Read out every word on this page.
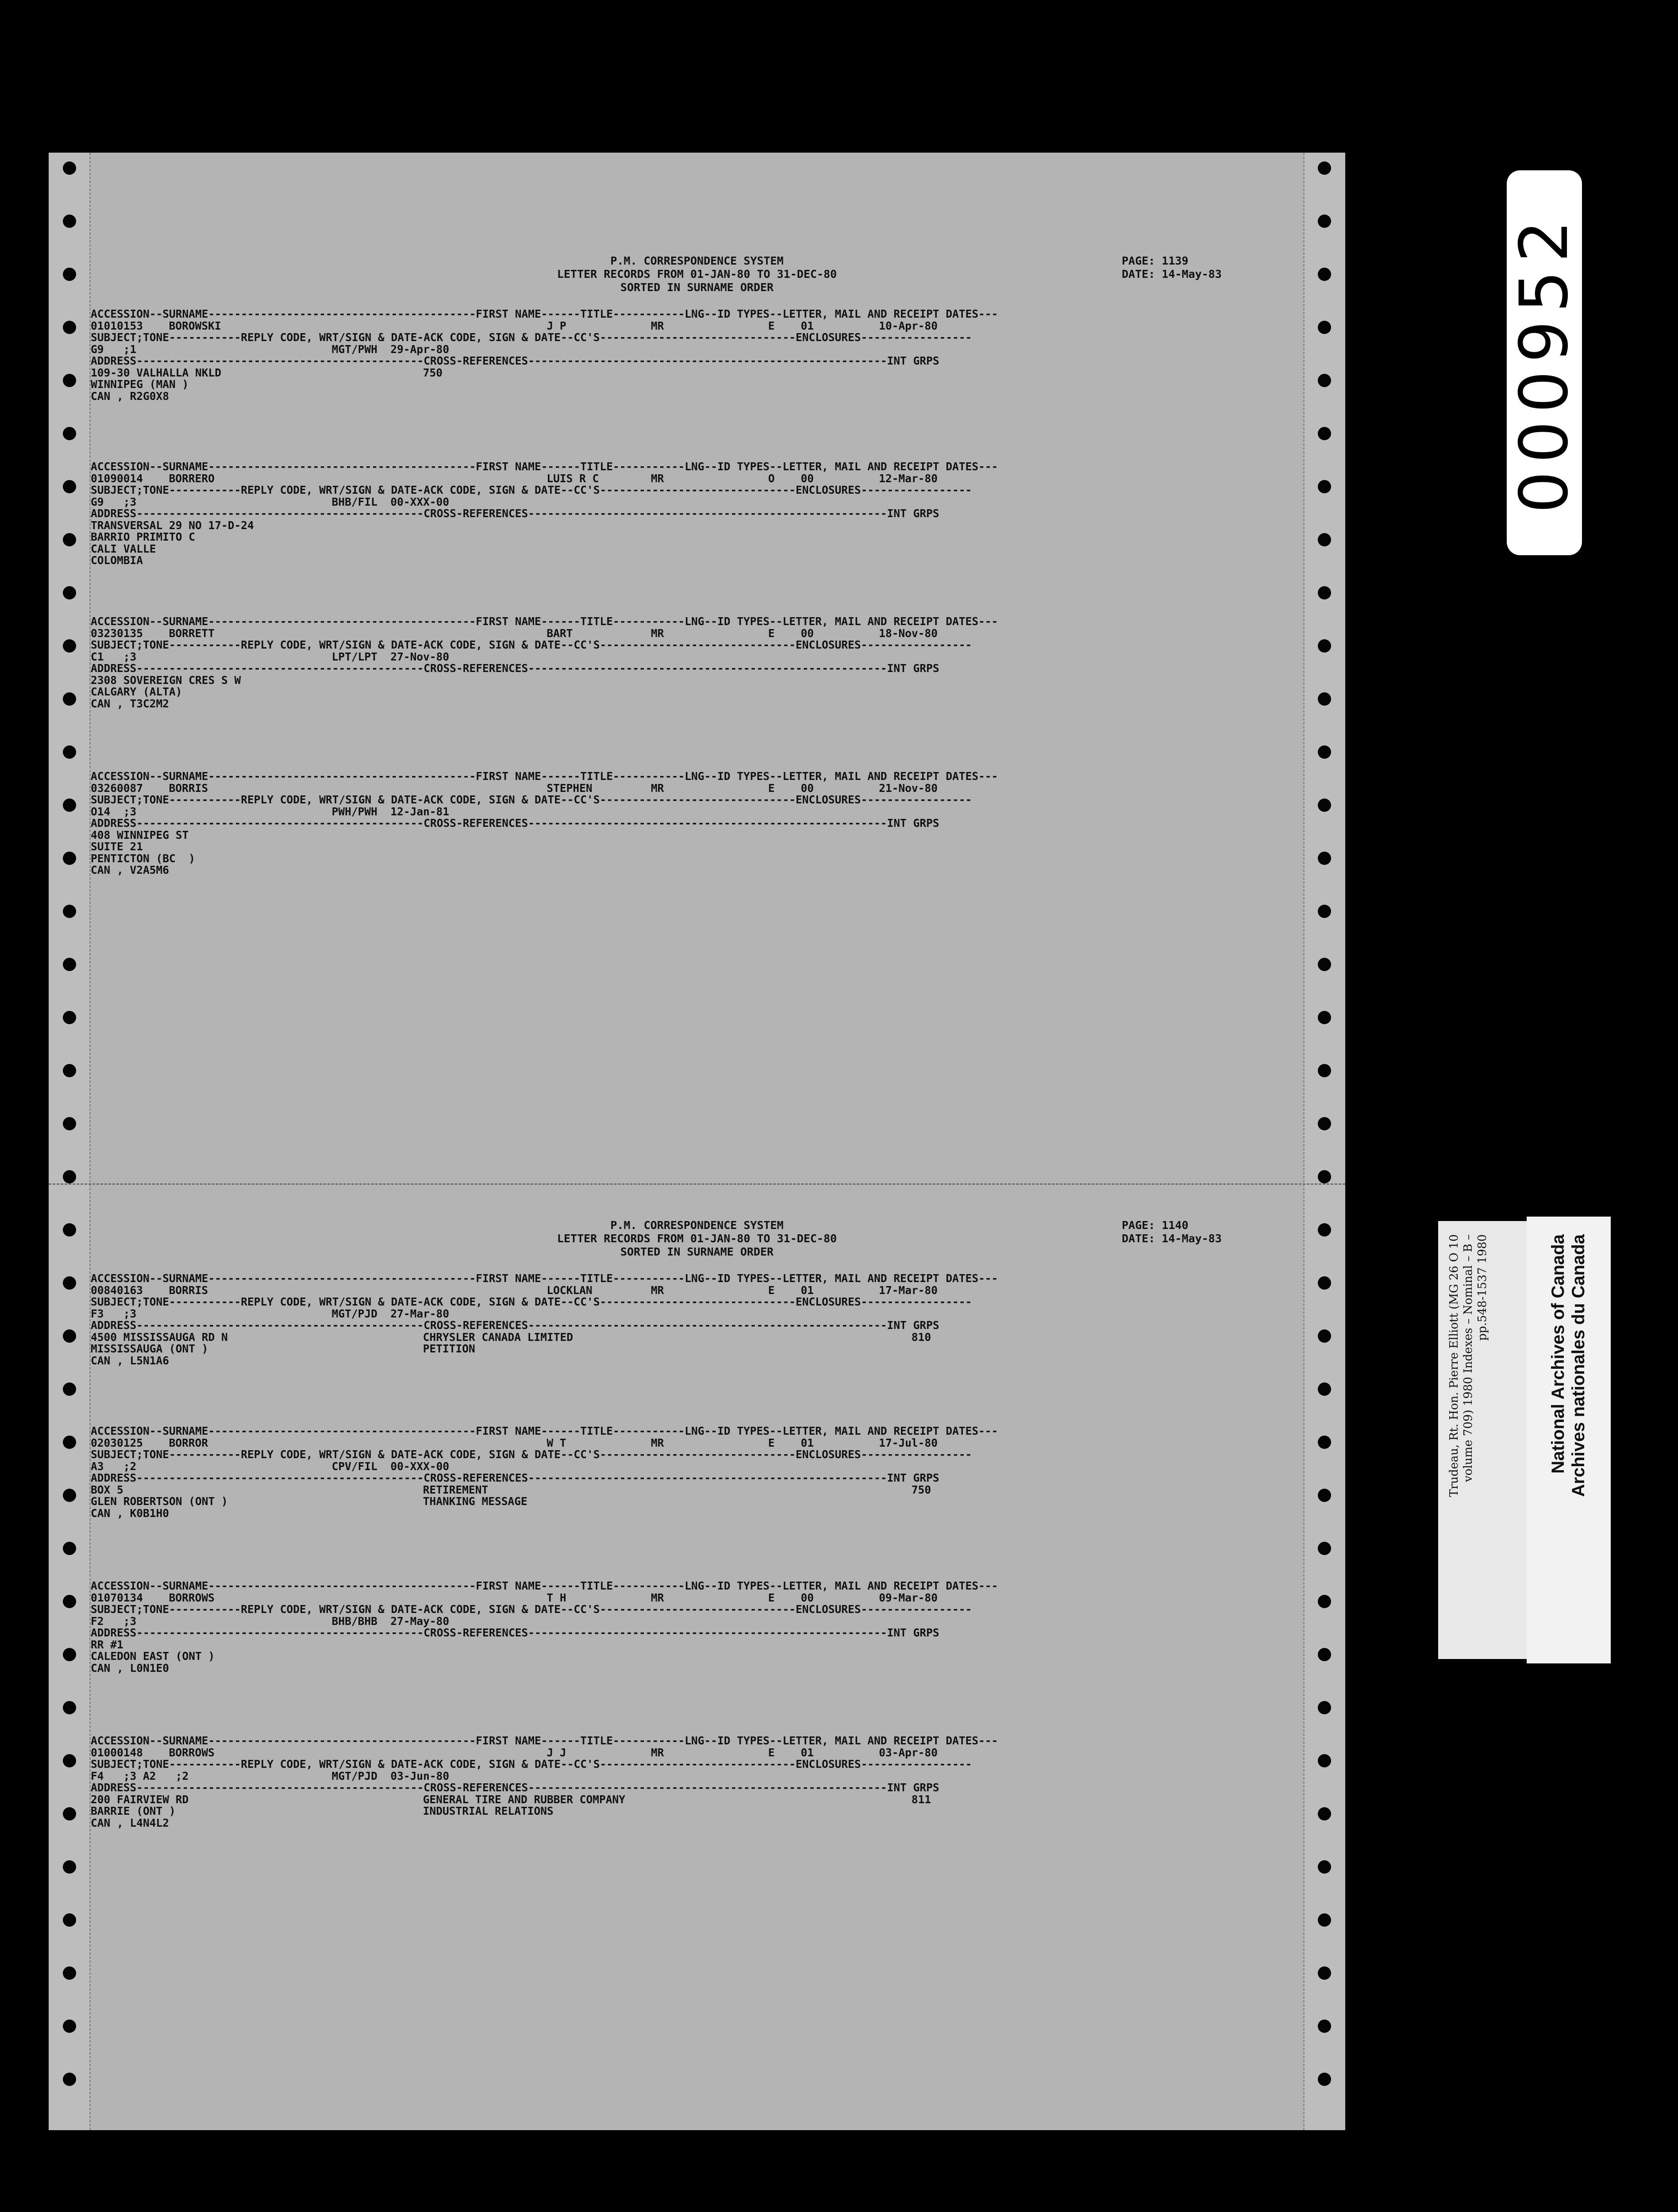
P.M. CORRESPONDENCE SYSTEM
LETTER RECORDS FROM 01-JAN-80 TO 31-DEC-80
SORTED IN SURNAME ORDER
PAGE: 1139
DATE: 14-May-83
ACCESSION--SURNAME-----------------------------------------FIRST NAME------TITLE-----------LNG--ID TYPES--LETTER, MAIL AND RECEIPT DATES---
01010153 BOROWSKI	J P	MR	E 01	10-Apr-80
SUBJECT;TONE-----------REPLY CODE, WRT/SIGN & DATE-ACK CODE, SIGN & DATE--CC'S------------------------------ENCLOSURES-----------------
G9   ;1	MGT/PWH  29-Apr-80
ADDRESS--------------------------------------------CROSS-REFERENCES-------------------------------------------------------INT GRPS
109-30 VALHALLA NKLD	750
WINNIPEG (MAN )
CAN , R2G0X8
ACCESSION--SURNAME-----------------------------------------FIRST NAME------TITLE-----------LNG--ID TYPES--LETTER, MAIL AND RECEIPT DATES---
01090014 BORRERO	LUIS R C	MR	O 00	12-Mar-80
SUBJECT;TONE-----------REPLY CODE, WRT/SIGN & DATE-ACK CODE, SIGN & DATE--CC'S------------------------------ENCLOSURES-----------------
G9   ;3	BHB/FIL  00-XXX-00
ADDRESS--------------------------------------------CROSS-REFERENCES-------------------------------------------------------INT GRPS
TRANSVERSAL 29 NO 17-D-24
BARRIO PRIMITO C
CALI VALLE
COLOMBIA
ACCESSION--SURNAME-----------------------------------------FIRST NAME------TITLE-----------LNG--ID TYPES--LETTER, MAIL AND RECEIPT DATES---
03230135 BORRETT	BART	MR	E 00	18-Nov-80
SUBJECT;TONE-----------REPLY CODE, WRT/SIGN & DATE-ACK CODE, SIGN & DATE--CC'S------------------------------ENCLOSURES-----------------
C1   ;3	LPT/LPT  27-Nov-80
ADDRESS--------------------------------------------CROSS-REFERENCES-------------------------------------------------------INT GRPS
2308 SOVEREIGN CRES S W
CALGARY (ALTA)
CAN , T3C2M2
ACCESSION--SURNAME-----------------------------------------FIRST NAME------TITLE-----------LNG--ID TYPES--LETTER, MAIL AND RECEIPT DATES---
03260087 BORRIS	STEPHEN	MR	E 00	21-Nov-80
SUBJECT;TONE-----------REPLY CODE, WRT/SIGN & DATE-ACK CODE, SIGN & DATE--CC'S------------------------------ENCLOSURES-----------------
O14  ;3	PWH/PWH  12-Jan-81
ADDRESS--------------------------------------------CROSS-REFERENCES-------------------------------------------------------INT GRPS
408 WINNIPEG ST
SUITE 21
PENTICTON (BC  )
CAN , V2A5M6
P.M. CORRESPONDENCE SYSTEM
LETTER RECORDS FROM 01-JAN-80 TO 31-DEC-80
SORTED IN SURNAME ORDER
PAGE: 1140
DATE: 14-May-83
ACCESSION--SURNAME-----------------------------------------FIRST NAME------TITLE-----------LNG--ID TYPES--LETTER, MAIL AND RECEIPT DATES---
00840163 BORRIS	LOCKLAN	MR	E 01	17-Mar-80
SUBJECT;TONE-----------REPLY CODE, WRT/SIGN & DATE-ACK CODE, SIGN & DATE--CC'S------------------------------ENCLOSURES-----------------
F3   ;3	MGT/PJD  27-Mar-80
ADDRESS--------------------------------------------CROSS-REFERENCES-------------------------------------------------------INT GRPS
4500 MISSISSAUGA RD N	CHRYSLER CANADA LIMITED	810
MISSISSAUGA (ONT )	PETITION
CAN , L5N1A6
ACCESSION--SURNAME-----------------------------------------FIRST NAME------TITLE-----------LNG--ID TYPES--LETTER, MAIL AND RECEIPT DATES---
02030125 BORROR	W T	MR	E 01	17-Jul-80
SUBJECT;TONE-----------REPLY CODE, WRT/SIGN & DATE-ACK CODE, SIGN & DATE--CC'S------------------------------ENCLOSURES-----------------
A3   ;2	CPV/FIL  00-XXX-00
ADDRESS--------------------------------------------CROSS-REFERENCES-------------------------------------------------------INT GRPS
BOX 5	RETIREMENT	750
GLEN ROBERTSON (ONT )	THANKING MESSAGE
CAN , K0B1H0
ACCESSION--SURNAME-----------------------------------------FIRST NAME------TITLE-----------LNG--ID TYPES--LETTER, MAIL AND RECEIPT DATES---
01070134 BORROWS	T H	MR	E 00	09-Mar-80
SUBJECT;TONE-----------REPLY CODE, WRT/SIGN & DATE-ACK CODE, SIGN & DATE--CC'S------------------------------ENCLOSURES-----------------
F2   ;3	BHB/BHB  27-May-80
ADDRESS--------------------------------------------CROSS-REFERENCES-------------------------------------------------------INT GRPS
RR #1
CALEDON EAST (ONT )
CAN , L0N1E0
ACCESSION--SURNAME-----------------------------------------FIRST NAME------TITLE-----------LNG--ID TYPES--LETTER, MAIL AND RECEIPT DATES---
01000148 BORROWS	J J	MR	E 01	03-Apr-80
SUBJECT;TONE-----------REPLY CODE, WRT/SIGN & DATE-ACK CODE, SIGN & DATE--CC'S------------------------------ENCLOSURES-----------------
F4   ;3 A2   ;2	MGT/PJD  03-Jun-80
ADDRESS--------------------------------------------CROSS-REFERENCES-------------------------------------------------------INT GRPS
200 FAIRVIEW RD	GENERAL TIRE AND RUBBER COMPANY	811
BARRIE (ONT )	INDUSTRIAL RELATIONS
CAN , L4N4L2
000952
Trudeau, Rt. Hon. Pierre Elliott (MG 26 O 10 volume 709) 1980 Indexes – Nominal – B – pp.548-1537 1980	National Archives of Canada Archives nationales du Canada
